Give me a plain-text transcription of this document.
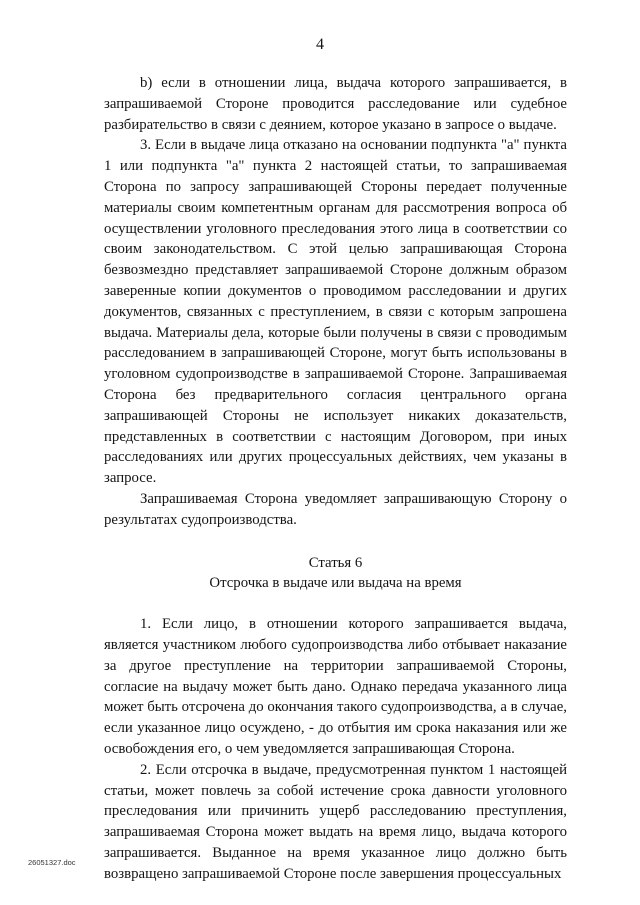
4

b) если в отношении лица, выдача которого запрашивается, в запрашиваемой Стороне проводится расследование или судебное разбирательство в связи с деянием, которое указано в запросе о выдаче.

3. Если в выдаче лица отказано на основании подпункта "а" пункта 1 или подпункта "а" пункта 2 настоящей статьи, то запрашиваемая Сторона по запросу запрашивающей Стороны передает полученные материалы своим компетентным органам для рассмотрения вопроса об осуществлении уголовного преследования этого лица в соответствии со своим законодательством. С этой целью запрашивающая Сторона безвозмездно представляет запрашиваемой Стороне должным образом заверенные копии документов о проводимом расследовании и других документов, связанных с преступлением, в связи с которым запрошена выдача. Материалы дела, которые были получены в связи с проводимым расследованием в запрашивающей Стороне, могут быть использованы в уголовном судопроизводстве в запрашиваемой Стороне. Запрашиваемая Сторона без предварительного согласия центрального органа запрашивающей Стороны не использует никаких доказательств, представленных в соответствии с настоящим Договором, при иных расследованиях или других процессуальных действиях, чем указаны в запросе.

Запрашиваемая Сторона уведомляет запрашивающую Сторону о результатах судопроизводства.

Статья 6

Отсрочка в выдаче или выдача на время

1. Если лицо, в отношении которого запрашивается выдача, является участником любого судопроизводства либо отбывает наказание за другое преступление на территории запрашиваемой Стороны, согласие на выдачу может быть дано. Однако передача указанного лица может быть отсрочена до окончания такого судопроизводства, а в случае, если указанное лицо осуждено, - до отбытия им срока наказания или же освобождения его, о чем уведомляется запрашивающая Сторона.

2. Если отсрочка в выдаче, предусмотренная пунктом 1 настоящей статьи, может повлечь за собой истечение срока давности уголовного преследования или причинить ущерб расследованию преступления, запрашиваемая Сторона может выдать на время лицо, выдача которого запрашивается. Выданное на время указанное лицо должно быть возвращено запрашиваемой Стороне после завершения процессуальных

26051327.doc
